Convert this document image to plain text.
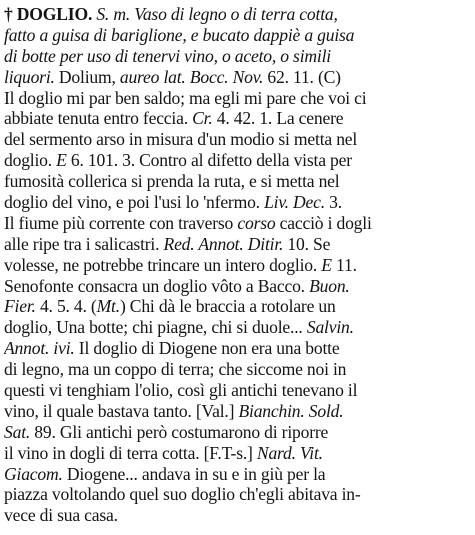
† DOGLIO. S. m. Vaso di legno o di terra cotta,
fatto a guisa di bariglione, e bucato dappiè a guisa
di botte per uso di tenervi vino, o aceto, o simili
liquori. Dolium, aureo lat. Bocc. Nov. 62. 11. (C)
Il doglio mi par ben saldo; ma egli mi pare che voi ci
abbiate tenuta entro feccia. Cr. 4. 42. 1. La cenere
del sermento arso in misura d'un modio si metta nel
doglio. E 6. 101. 3. Contro al difetto della vista per
fumosità collerica si prenda la ruta, e si metta nel
doglio del vino, e poi l'usi lo 'nfermo. Liv. Dec. 3.
Il fiume più corrente con traverso corso cacciò i dogli
alle ripe tra i salicastri. Red. Annot. Ditir. 10. Se
volesse, ne potrebbe trincare un intero doglio. E 11.
Senofonte consacra un doglio vôto a Bacco. Buon.
Fier. 4. 5. 4. (Mt.) Chi dà le braccia a rotolare un
doglio, Una botte; chi piagne, chi si duole... Salvin.
Annot. ivi. Il doglio di Diogene non era una botte
di legno, ma un coppo di terra; che siccome noi in
questi vi tenghiam l'olio, così gli antichi tenevano il
vino, il quale bastava tanto. [Val.] Bianchin. Sold.
Sat. 89. Gli antichi però costumarono di riporre
il vino in dogli di terra cotta. [F.T-s.] Nard. Vit.
Giacom. Diogene... andava in su e in giù per la
piazza voltolando quel suo doglio ch'egli abitava in-
vece di sua casa.
